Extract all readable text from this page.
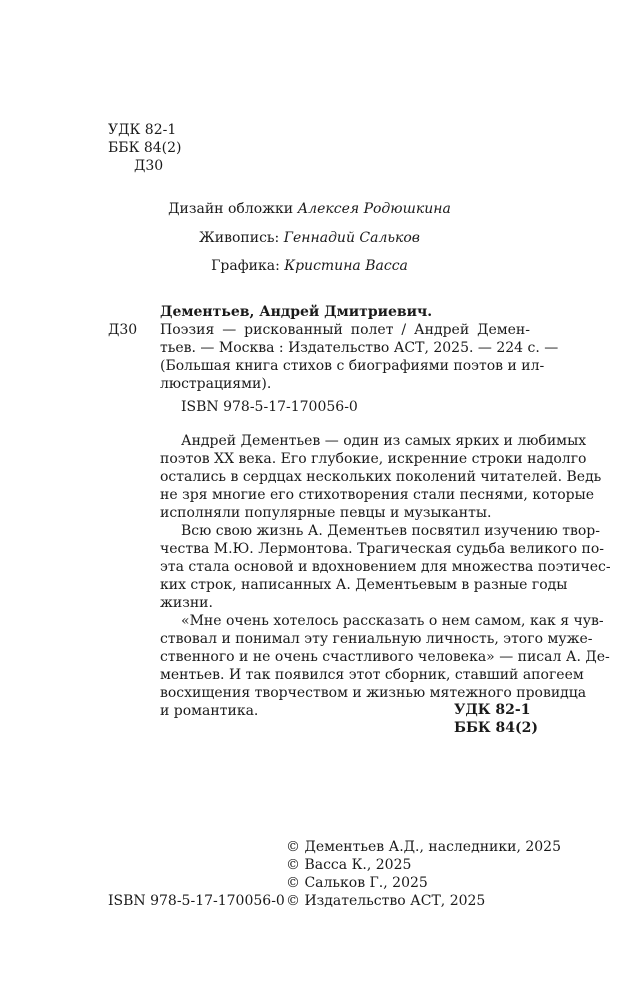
УДК 82-1
ББК 84(2)
Д30
Дизайн обложки Алексея Родюшкина
Живопись: Геннадий Сальков
Графика: Кристина Васса
Дементьев, Андрей Дмитриевич.
Д30 Поэзия — рискованный полет / Андрей Демен-
тьев. — Москва : Издательство АСТ, 2025. — 224 с. —
(Большая книга стихов с биографиями поэтов и ил-
люстрациями).
ISBN 978-5-17-170056-0
Андрей Дементьев — один из самых ярких и любимых
поэтов XX века. Его глубокие, искренние строки надолго
остались в сердцах нескольких поколений читателей. Ведь
не зря многие его стихотворения стали песнями, которые
исполняли популярные певцы и музыканты.
Всю свою жизнь А. Дементьев посвятил изучению твор-
чества М.Ю. Лермонтова. Трагическая судьба великого по-
эта стала основой и вдохновением для множества поэтичес-
ких строк, написанных А. Дементьевым в разные годы
жизни.
«Мне очень хотелось рассказать о нем самом, как я чув-
ствовал и понимал эту гениальную личность, этого муже-
ственного и не очень счастливого человека» — писал А. Де-
ментьев. И так появился этот сборник, ставший апогеем
восхищения творчеством и жизнью мятежного провидца
и романтика.	УДК 82-1
ББК 84(2)
© Дементьев А.Д., наследники, 2025
© Васса К., 2025
© Сальков Г., 2025
© Издательство АСТ, 2025
ISBN 978-5-17-170056-0
